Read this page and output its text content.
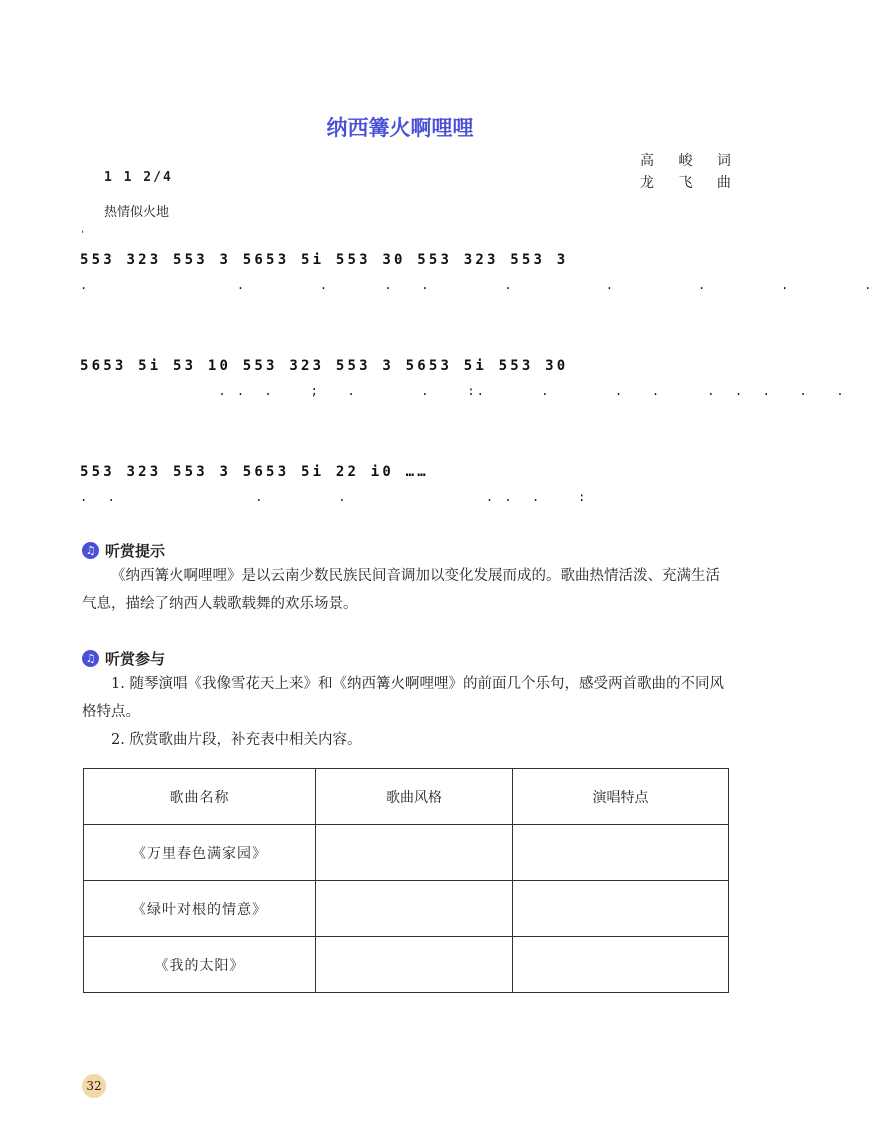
纳西篝火啊哩哩
高 峻 词
龙 飞 曲
1 1 2/4
热情似火地
'
553 323 553 3 5653 5i 553 30 553 323 553 3
.                .        .      .   .        .          .         .        .        .
5653 5i 53 10 553 323 553 3 5653 5i 553 30
. .  .    ;   .       .    :.      .       .   .     .  .  .   .   .
553 323 553 3 5653 5i 22 i0 ……
.  .               .        .               . .  .    :
♫ 听赏提示
《纳西篝火啊哩哩》是以云南少数民族民间音调加以变化发展而成的。歌曲热情活泼、充满生活气息，描绘了纳西人载歌载舞的欢乐场景。
♫ 听赏参与
1. 随琴演唱《我像雪花天上来》和《纳西篝火啊哩哩》的前面几个乐句，感受两首歌曲的不同风格特点。
2. 欣赏歌曲片段，补充表中相关内容。
歌曲名称	歌曲风格	演唱特点
《万里春色满家园》		
《绿叶对根的情意》		
《我的太阳》		
32
